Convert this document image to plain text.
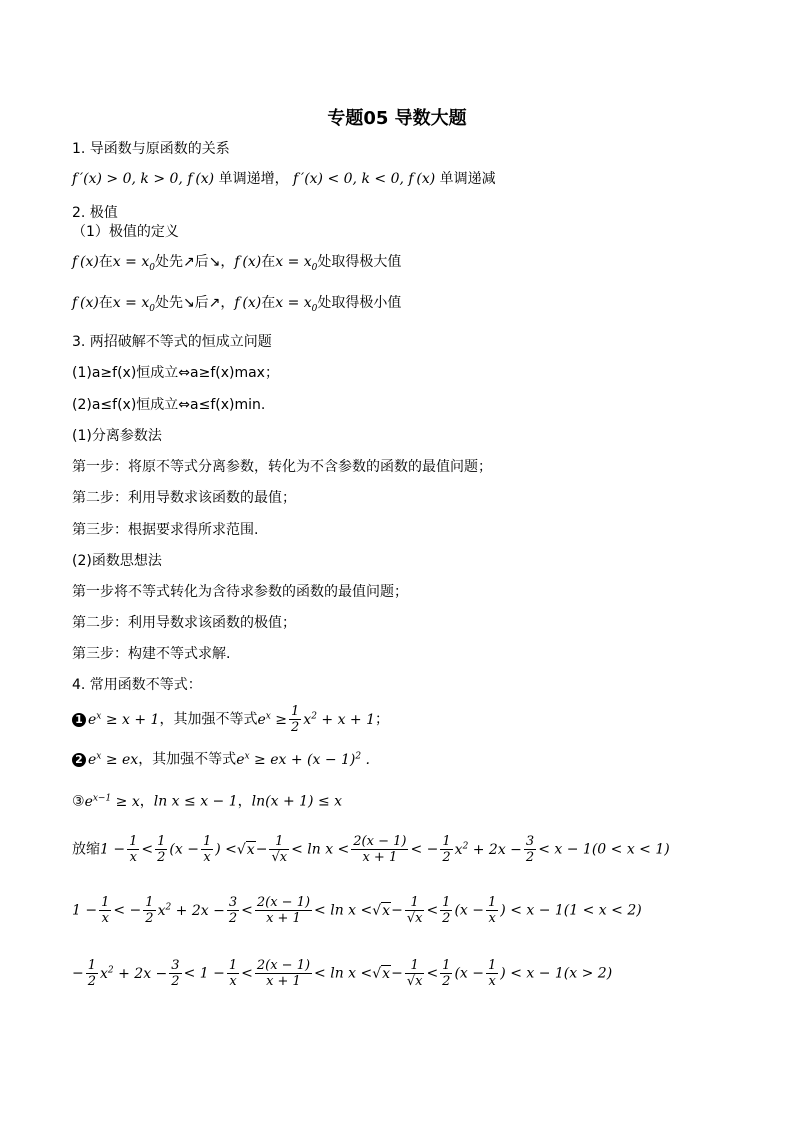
专题05 导数大题
1. 导函数与原函数的关系
f ′(x) > 0, k > 0, f (x) 单调递增， f ′(x) < 0, k < 0, f (x) 单调递减
2. 极值
（1）极值的定义
f (x)在$x = x_0$处先↗后↘，f (x)在$x = x_0$处取得极大值
f (x)在$x = x_0$处先↘后↗，f (x)在$x = x_0$处取得极小值
3. 两招破解不等式的恒成立问题
(1)a≥f(x)恒成立⇔a≥f(x)max；
(2)a≤f(x)恒成立⇔a≤f(x)min.
(1)分离参数法
第一步：将原不等式分离参数，转化为不含参数的函数的最值问题；
第二步：利用导数求该函数的最值；
第三步：根据要求得所求范围.
(2)函数思想法
第一步将不等式转化为含待求参数的函数的最值问题；
第二步：利用导数求该函数的极值；
第三步：构建不等式求解.
4. 常用函数不等式：
1 $e^x \ge x + 1$，其加强不等式$e^x \ge \frac{1}{2} x^2 + x + 1$；
2 $e^x$ ≥ ex，其加强不等式$e^x$ ≥ ex + $(x - 1)^2$ .
$③e^{x-1} \ge x$，ln x ≤ x − 1，ln(x + 1) ≤ x
放缩$1 - \frac{1}{x} < \frac{1}{2} (x - \frac{1}{x}$ ) $<√x- \frac{1}{√x} < \ln x < \frac{2(x - 1)}{x + 1}$ < − $\frac{1}{2} x^2 + 2x - \frac{3}{2} < x - 1(0 < x < 1)$
$1 - \frac{1}{x}$ < − $\frac{1}{2} x^2 + 2x - \frac{3}{2} < \frac{2(x - 1)}{x + 1} < \ln x <√x- \frac{1}{√x} < \frac{1}{2} (x - \frac{1}{x}$ ) < x − 1(1 < x < 2)
− $\frac{1}{2} x^2 + 2x - \frac{3}{2} < 1 - \frac{1}{x} < \frac{2(x - 1)}{x + 1} < \ln x <√x- \frac{1}{√x} < \frac{1}{2} (x - \frac{1}{x}$ ) < x − 1(x > 2)
